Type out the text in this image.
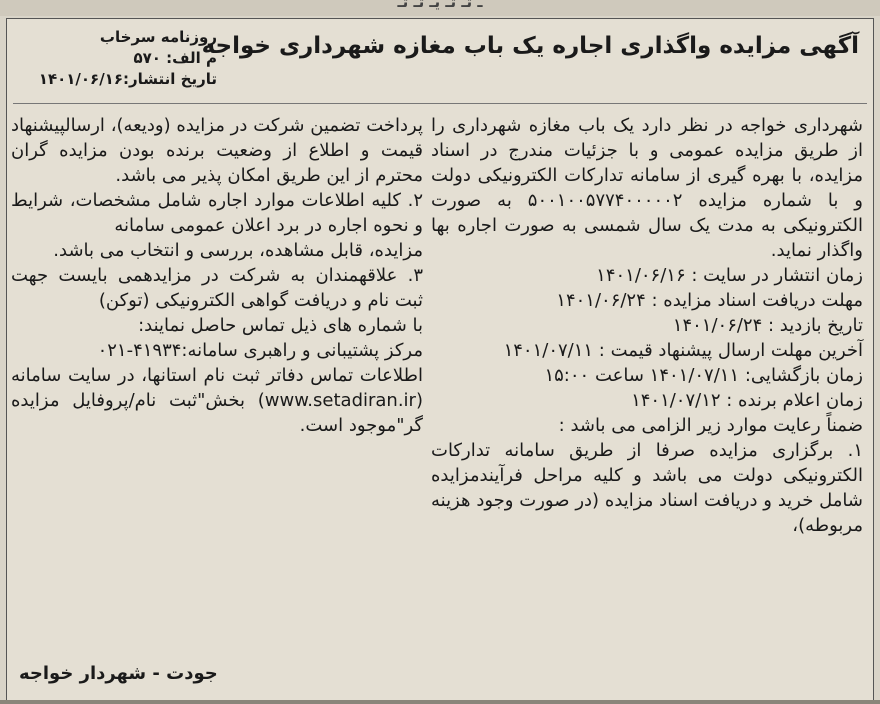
ـ تـ تـ يـ تـ تـ
آگهی مزایده واگذاری اجاره یک باب مغازه شهرداری خواجه
روزنامه سرخاب
م الف: ۵۷۰
تاریخ انتشار:۱۴۰۱/۰۶/۱۶

شهرداری خواجه در نظر دارد یک باب مغازه شهرداری را از طریق مزایده عمومی و با جزئیات مندرج در اسناد مزایده، با بهره گیری از سامانه تدارکات الکترونیکی دولت و با شماره مزایده ۵۰۰۱۰۰۵۷۷۴۰۰۰۰۰۲ به صورت الکترونیکی به مدت یک سال شمسی به صورت اجاره بها واگذار نماید.

زمان انتشار در سایت : ۱۴۰۱/۰۶/۱۶

مهلت دریافت اسناد مزایده : ۱۴۰۱/۰۶/۲۴

تاریخ بازدید : ۱۴۰۱/۰۶/۲۴

آخرین مهلت ارسال پیشنهاد قیمت : ۱۴۰۱/۰۷/۱۱

زمان بازگشایی: ۱۴۰۱/۰۷/۱۱ ساعت ۱۵:۰۰

زمان اعلام برنده : ۱۴۰۱/۰۷/۱۲

ضمناً رعایت موارد زیر الزامی می باشد :

۱. برگزاری مزایده صرفا از طریق سامانه تدارکات الکترونیکی دولت می باشد و کلیه مراحل فرآیندمزایده شامل خرید و دریافت اسناد مزایده (در صورت وجود هزینه مربوطه)،

پرداخت تضمین شرکت در مزایده (ودیعه)، ارسالپیشنهاد قیمت و اطلاع از وضعیت برنده بودن مزایده گران محترم از این طریق امکان پذیر می باشد.

۲. کلیه اطلاعات موارد اجاره شامل مشخصات، شرایط و نحوه اجاره در برد اعلان عمومی سامانه

مزایده، قابل مشاهده، بررسی و انتخاب می باشد.

۳. علاقهمندان به شرکت در مزایدهمی بایست جهت ثبت نام و دریافت گواهی الکترونیکی (توکن)

با شماره های ذیل تماس حاصل نمایند:

مرکز پشتیبانی و راهبری سامانه:۴۱۹۳۴-۰۲۱

اطلاعات تماس دفاتر ثبت نام استانها، در سایت سامانه (www.setadiran.ir) بخش"ثبت نام/پروفایل مزایده گر"موجود است.

جودت - شهردار خواجه
